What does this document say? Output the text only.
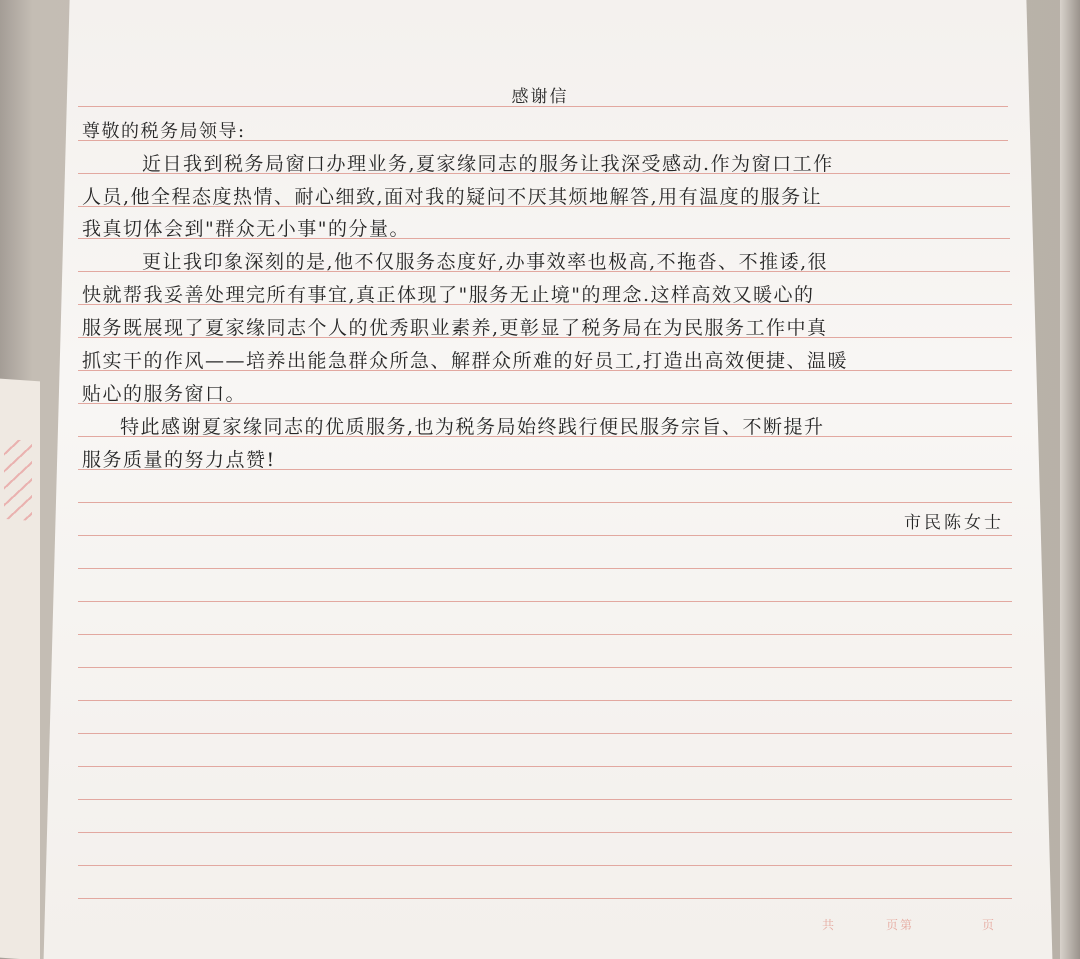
感谢信
尊敬的税务局领导:
近日我到税务局窗口办理业务,夏家缘同志的服务让我深受感动.作为窗口工作
人员,他全程态度热情、耐心细致,面对我的疑问不厌其烦地解答,用有温度的服务让
我真切体会到"群众无小事"的分量。
更让我印象深刻的是,他不仅服务态度好,办事效率也极高,不拖沓、不推诿,很
快就帮我妥善处理完所有事宜,真正体现了"服务无止境"的理念.这样高效又暖心的
服务既展现了夏家缘同志个人的优秀职业素养,更彰显了税务局在为民服务工作中真
抓实干的作风——培养出能急群众所急、解群众所难的好员工,打造出高效便捷、温暖
贴心的服务窗口。
特此感谢夏家缘同志的优质服务,也为税务局始终践行便民服务宗旨、不断提升
服务质量的努力点赞!
市民陈女士
共	页第	页
